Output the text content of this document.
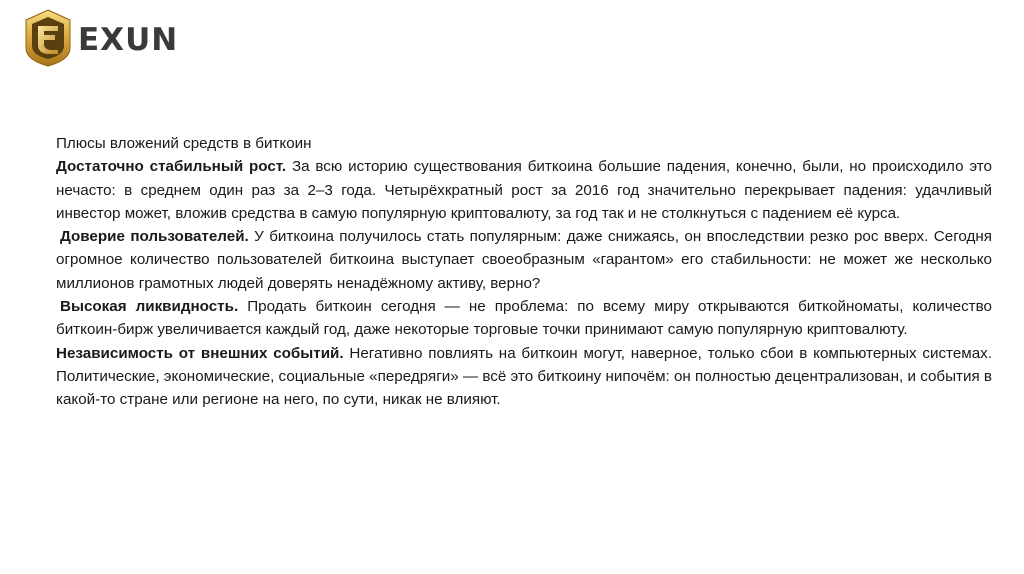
EXUN

Плюсы вложений средств в биткоин

Достаточно стабильный рост. За всю историю существования биткоина большие падения, конечно, были, но происходило это нечасто: в среднем один раз за 2–3 года. Четырёхкратный рост за 2016 год значительно перекрывает падения: удачливый инвестор может, вложив средства в самую популярную криптовалюту, за год так и не столкнуться с падением её курса.

Доверие пользователей. У биткоина получилось стать популярным: даже снижаясь, он впоследствии резко рос вверх. Сегодня огромное количество пользователей биткоина выступает своеобразным «гарантом» его стабильности: не может же несколько миллионов грамотных людей доверять ненадёжному активу, верно?

Высокая ликвидность. Продать биткоин сегодня — не проблема: по всему миру открываются биткойноматы, количество биткоин-бирж увеличивается каждый год, даже некоторые торговые точки принимают самую популярную криптовалюту.

Независимость от внешних событий. Негативно повлиять на биткоин могут, наверное, только сбои в компьютерных системах. Политические, экономические, социальные «передряги» — всё это биткоину нипочём: он полностью децентрализован, и события в какой-то стране или регионе на него, по сути, никак не влияют.
